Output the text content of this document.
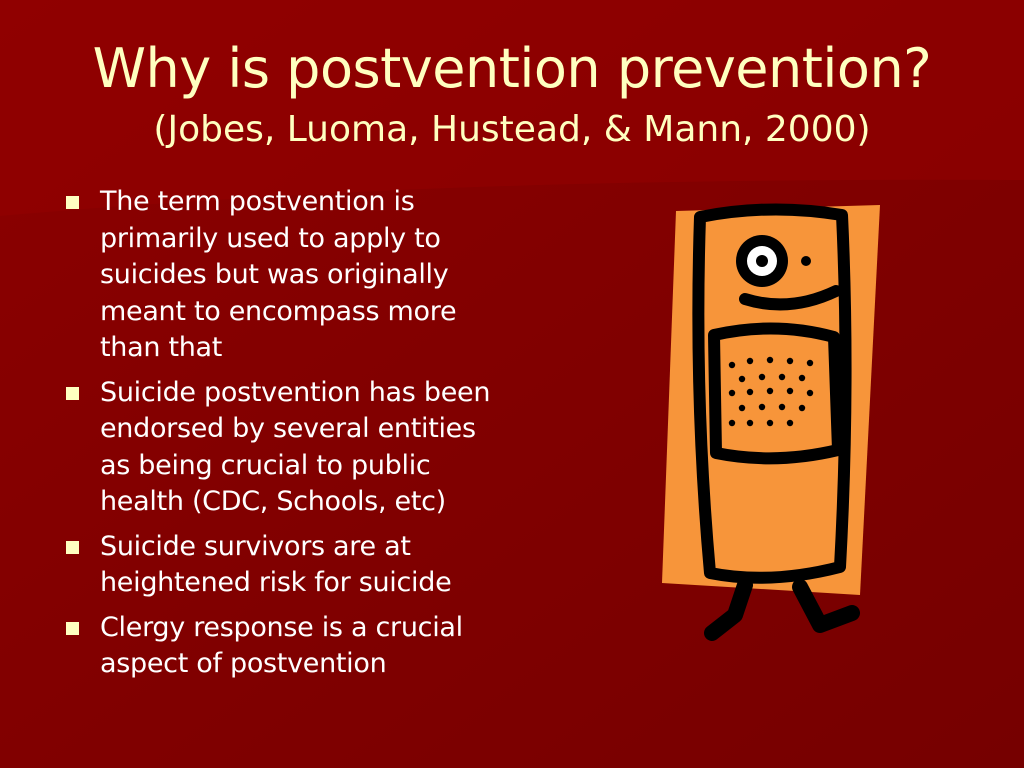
Why is postvention prevention?
(Jobes, Luoma, Hustead, & Mann, 2000)
The term postvention is primarily used to apply to suicides but was originally meant to encompass more than that
Suicide postvention has been endorsed by several entities as being crucial to public health (CDC, Schools, etc)
Suicide survivors are at heightened risk for suicide
Clergy response is a crucial aspect of postvention
